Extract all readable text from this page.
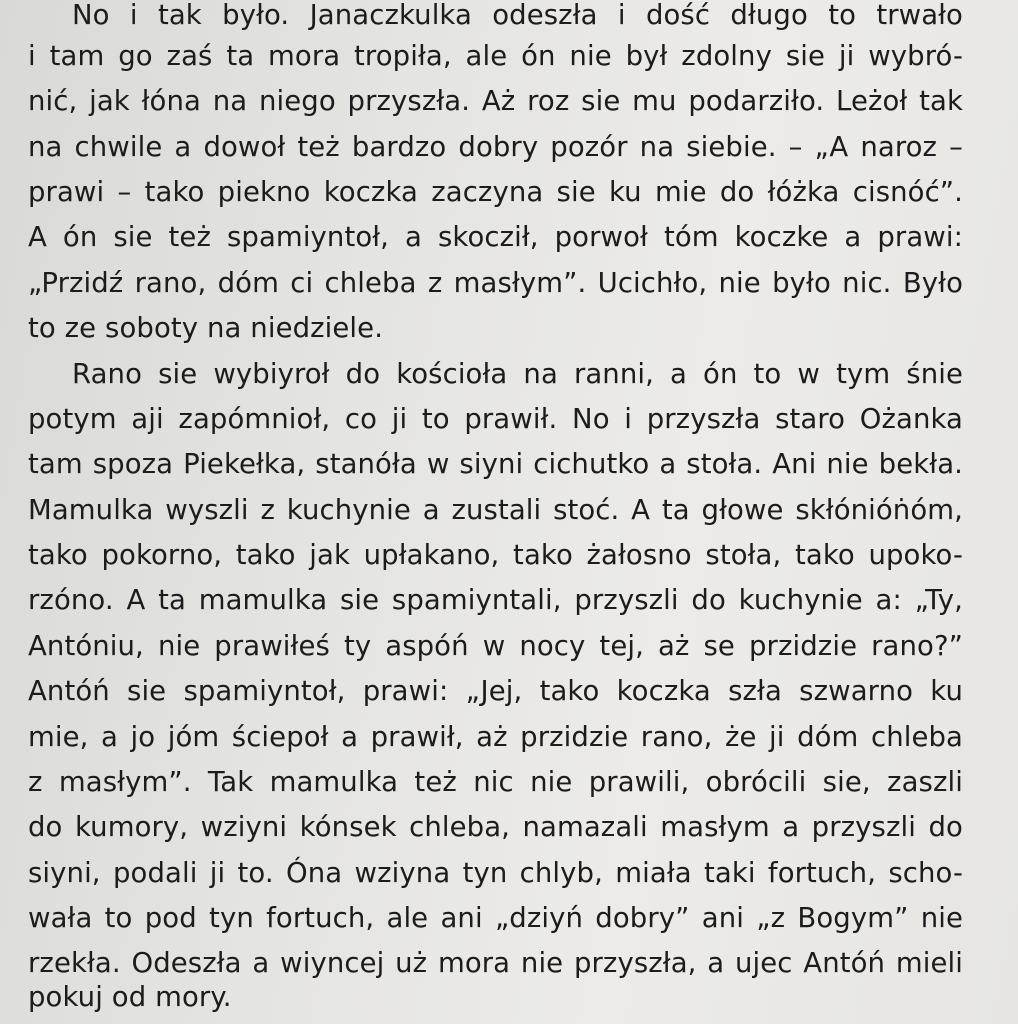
No i tak było. Janaczkulka odeszła i dość długo to trwało
i tam go zaś ta mora tropiła, ale ón nie był zdolny sie ji wybró-
nić, jak łóna na niego przyszła. Aż roz sie mu podarziło. Leżoł tak
na chwile a dowoł też bardzo dobry pozór na siebie. – „A naroz –
prawi – tako piekno koczka zaczyna sie ku mie do łóżka cisnóć”.
A ón sie też spamiyntoł, a skocził, porwoł tóm koczke a prawi:
„Przidź rano, dóm ci chleba z masłym”. Ucichło, nie było nic. Było
to ze soboty na niedziele.
Rano sie wybiyroł do kościoła na ranni, a ón to w tym śnie
potym aji zapómnioł, co ji to prawił. No i przyszła staro Ożanka
tam spoza Piekełka, stanóła w siyni cichutko a stoła. Ani nie bekła.
Mamulka wyszli z kuchynie a zustali stoć. A ta głowe skłónióṅóm,
tako pokorno, tako jak upłakano, tako żałosno stoła, tako upoko-
rzóno. A ta mamulka sie spamiyntali, przyszli do kuchynie a: „Ty,
Antóniu, nie prawiłeś ty aspóń w nocy tej, aż se przidzie rano?”
Antóń sie spamiyntoł, prawi: „Jej, tako koczka szła szwarno ku
mie, a jo jóm ściepoł a prawił, aż przidzie rano, że ji dóm chleba
z masłym”. Tak mamulka też nic nie prawili, obrócili sie, zaszli
do kumory, wziyni kónsek chleba, namazali masłym a przyszli do
siyni, podali ji to. Óna wziyna tyn chlyb, miała taki fortuch, scho-
wała to pod tyn fortuch, ale ani „dziyń dobry” ani „z Bogym” nie
rzekła. Odeszła a wiyncej uż mora nie przyszła, a ujec Antóń mieli
pokuj od mory.
